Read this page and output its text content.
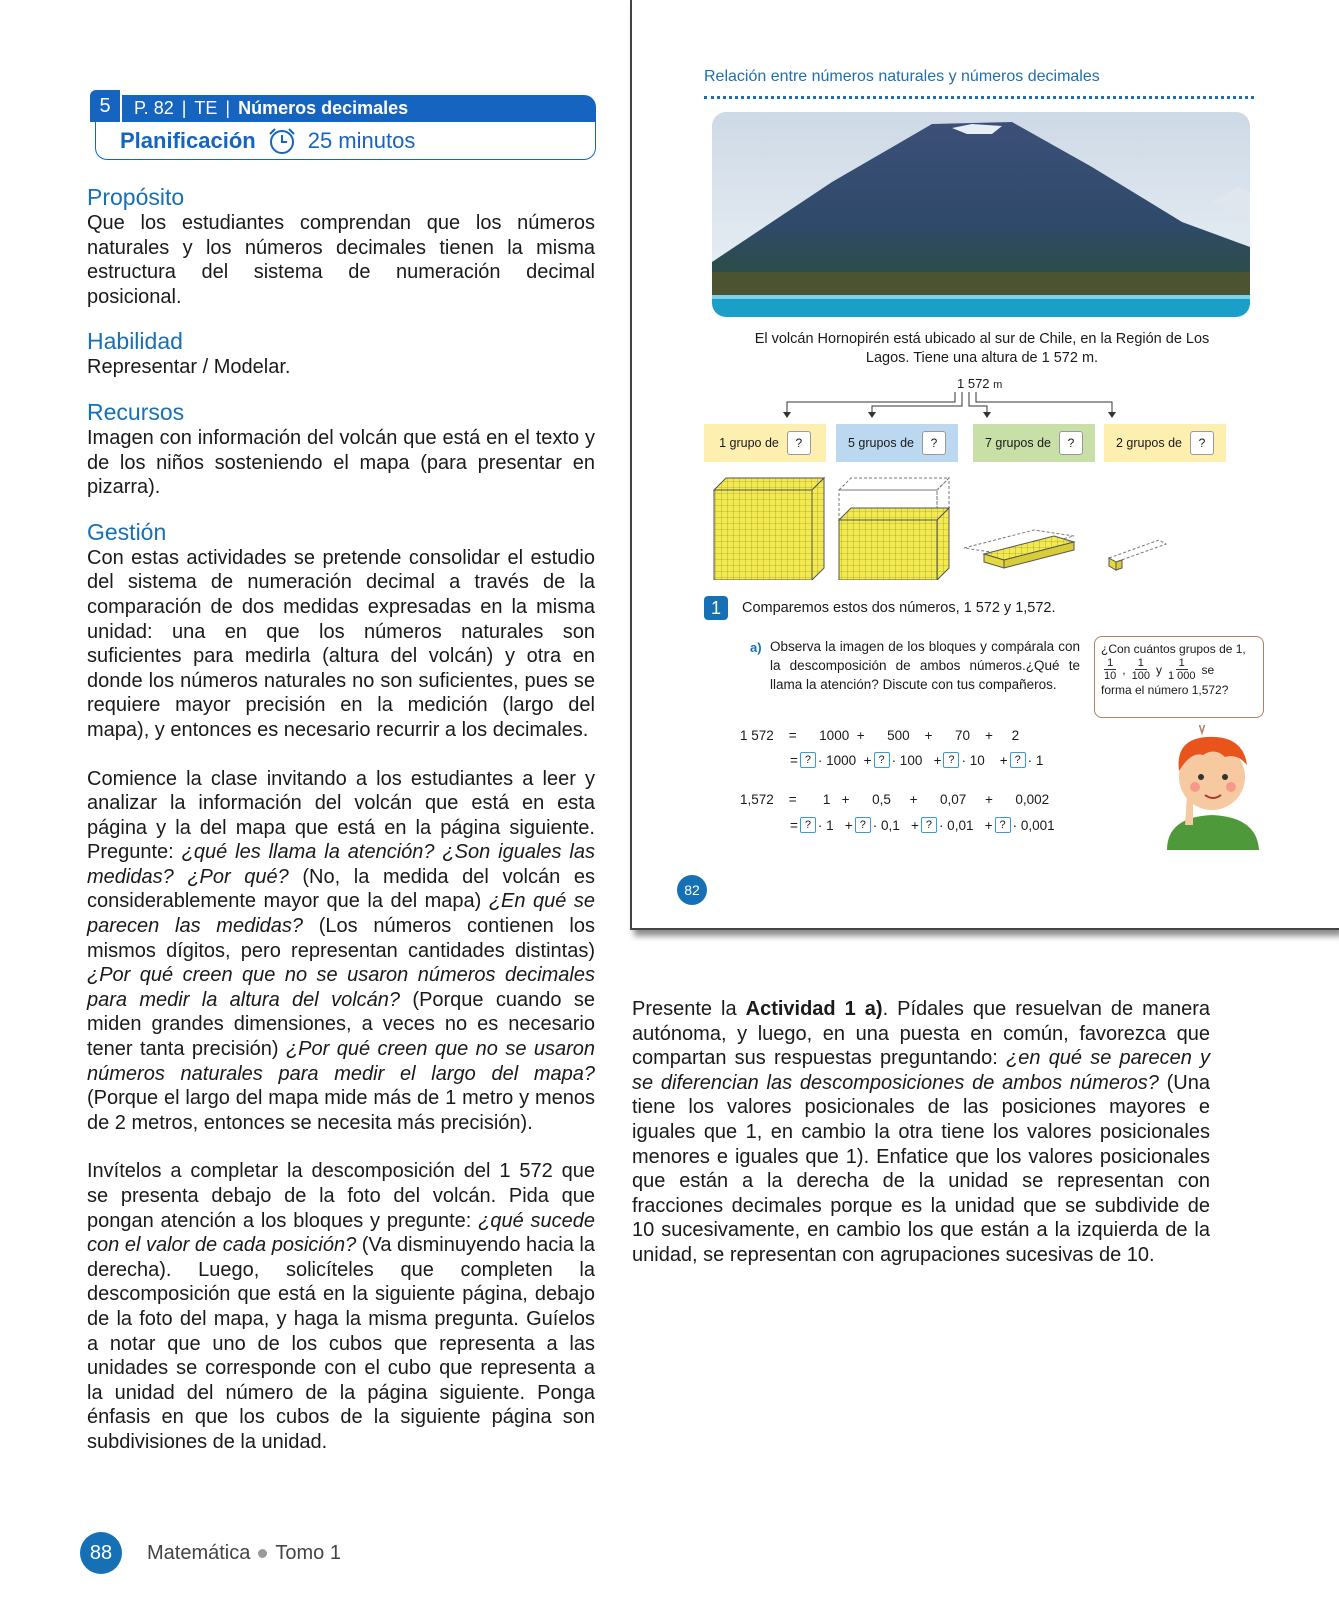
5	P. 82 | TE | Números decimales
Planificación 25 minutos
Propósito

Que los estudiantes comprendan que los números naturales y los números decimales tienen la misma estructura del sistema de numeración decimal posicional.

Habilidad

Representar / Modelar.

Recursos

Imagen con información del volcán que está en el texto y de los niños sosteniendo el mapa (para presentar en pizarra).

Gestión

Con estas actividades se pretende consolidar el estudio del sistema de numeración decimal a través de la comparación de dos medidas expresadas en la misma unidad: una en que los números naturales son suficientes para medirla (altura del volcán) y otra en donde los números naturales no son suficientes, pues se requiere mayor precisión en la medición (largo del mapa), y entonces es necesario recurrir a los decimales.

Comience la clase invitando a los estudiantes a leer y analizar la información del volcán que está en esta página y la del mapa que está en la página siguiente. Pregunte: ¿qué les llama la atención? ¿Son iguales las medidas? ¿Por qué? (No, la medida del volcán es considerablemente mayor que la del mapa) ¿En qué se parecen las medidas? (Los números contienen los mismos dígitos, pero representan cantidades distintas) ¿Por qué creen que no se usaron números decimales para medir la altura del volcán? (Porque cuando se miden grandes dimensiones, a veces no es necesario tener tanta precisión) ¿Por qué creen que no se usaron números naturales para medir el largo del mapa? (Porque el largo del mapa mide más de 1 metro y menos de 2 metros, entonces se necesita más precisión).

Invítelos a completar la descomposición del 1 572 que se presenta debajo de la foto del volcán. Pida que pongan atención a los bloques y pregunte: ¿qué sucede con el valor de cada posición? (Va disminuyendo hacia la derecha). Luego, solicíteles que completen la descomposición que está en la siguiente página, debajo de la foto del mapa, y haga la misma pregunta. Guíelos a notar que uno de los cubos que representa a las unidades se corresponde con el cubo que representa a la unidad del número de la página siguiente. Ponga énfasis en que los cubos de la siguiente página son subdivisiones de la unidad.

Relación entre números naturales y números decimales
El volcán Hornopirén está ubicado al sur de Chile, en la Región de Los Lagos. Tiene una altura de 1 572 m.
1 572 m
1 grupo de	?	5 grupos de	?	7 grupos de	?	2 grupos de	?
1	Comparemos estos dos números, 1 572 y 1,572.
a) Observa la imagen de los bloques y compárala con la descomposición de ambos números.¿Qué te llama la atención? Discute con tus compañeros.
¿Con cuántos grupos de 1,
$\frac{1}{10}$ , $\frac{1}{100}$ y $\frac{1}{1 000}$ se
forma el número 1,572?
1 572    =      1000  +      500    +      70    +     2
= ? · 1000  + ? · 100   + ? · 10    + ? · 1
1,572    =       1   +      0,5     +      0,07     +      0,002
= ? · 1   + ? · 0,1   + ? · 0,01   + ? · 0,001
82
Presente la Actividad 1 a). Pídales que resuelvan de manera autónoma, y luego, en una puesta en común, favorezca que compartan sus respuestas preguntando: ¿en qué se parecen y se diferencian las descomposiciones de ambos números? (Una tiene los valores posicionales de las posiciones mayores e iguales que 1, en cambio la otra tiene los valores posicionales menores e iguales que 1). Enfatice que los valores posicionales que están a la derecha de la unidad se representan con fracciones decimales porque es la unidad que se subdivide de 10 sucesivamente, en cambio los que están a la izquierda de la unidad, se representan con agrupaciones sucesivas de 10.
88	Matemática Tomo 1
